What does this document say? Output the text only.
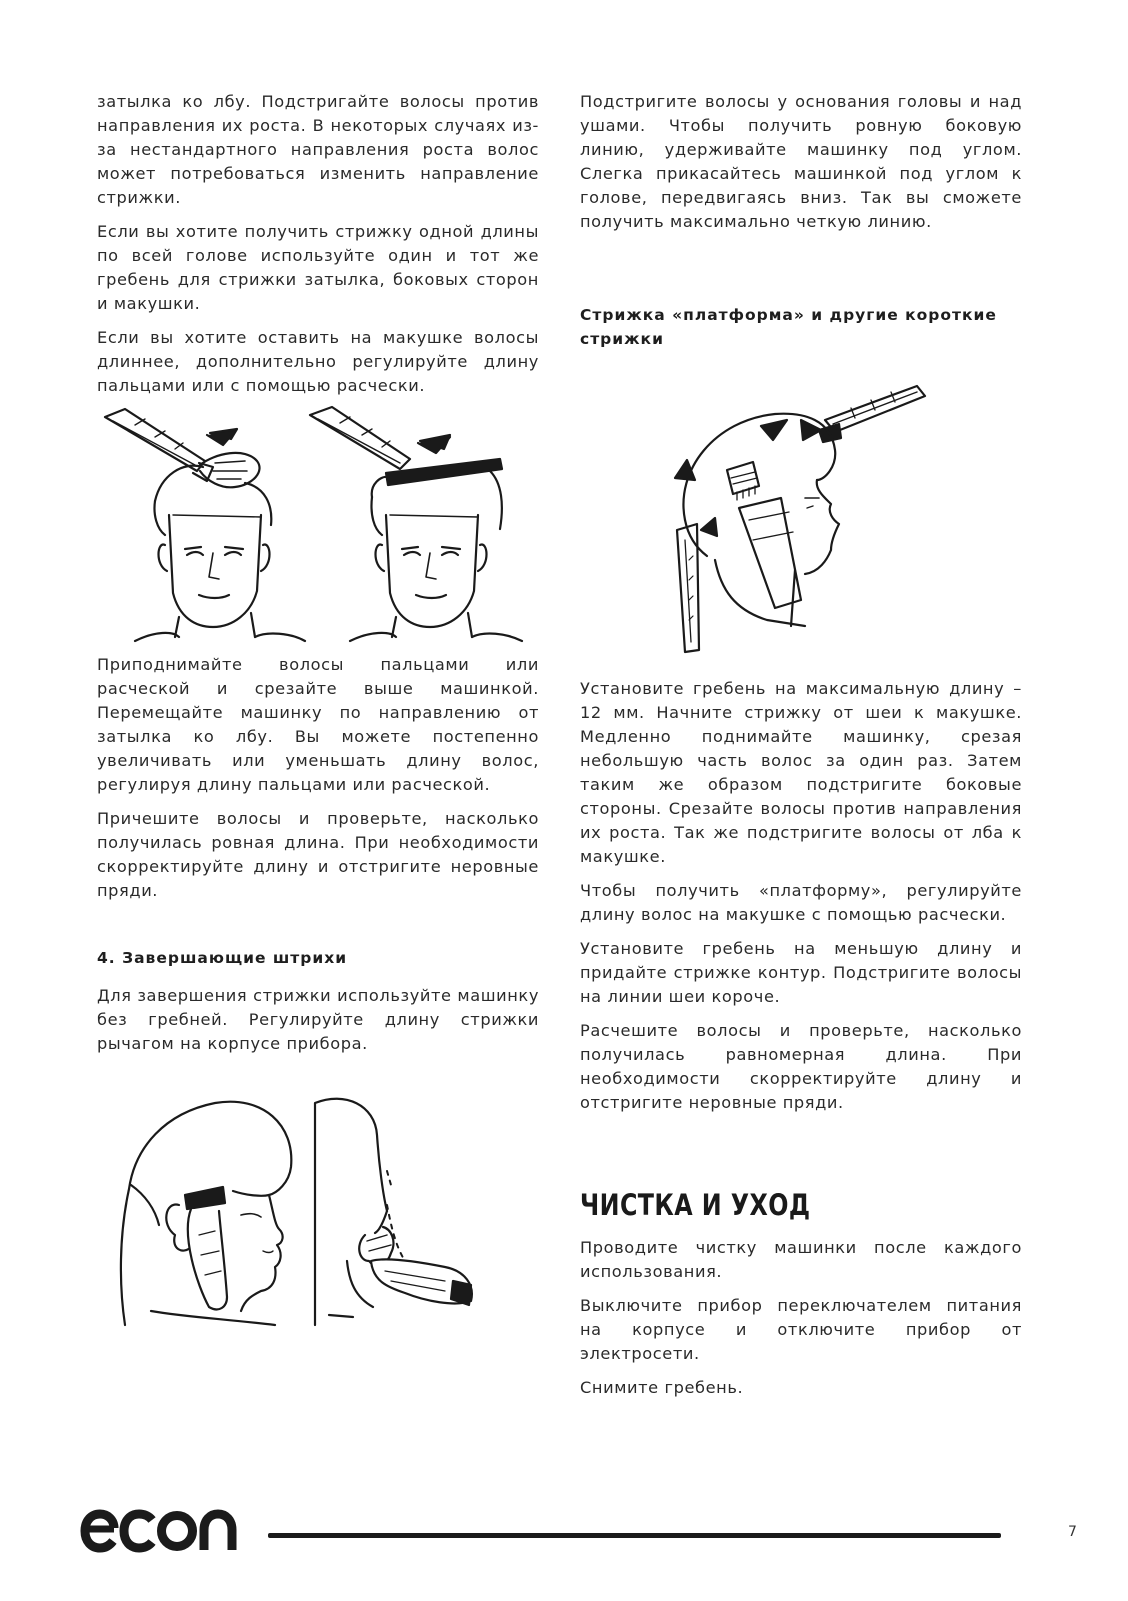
затылка ко лбу. Подстригайте волосы против направления их роста. В некоторых случаях из-за нестандартного направления роста волос может потребоваться изменить направление стрижки.

Если вы хотите получить стрижку одной длины по всей голове используйте один и тот же гребень для стрижки затылка, боковых сторон и макушки.

Если вы хотите оставить на макушке волосы длиннее, дополнительно регулируйте длину пальцами или с помощью расчески.

Приподнимайте волосы пальцами или расческой и срезайте выше машинкой. Перемещайте машинку по направлению от затылка ко лбу. Вы можете постепенно увеличивать или уменьшать длину волос, регулируя длину пальцами или расческой.

Причешите волосы и проверьте, насколько получилась ровная длина. При необходимости скорректируйте длину и отстригите неровные пряди.

4. Завершающие штрихи

Для завершения стрижки используйте машинку без гребней. Регулируйте длину стрижки рычагом на корпусе прибора.

Подстригите волосы у основания головы и над ушами. Чтобы получить ровную боковую линию, удерживайте машинку под углом. Слегка прикасайтесь машинкой под углом к голове, передвигаясь вниз. Так вы сможете получить максимально четкую линию.

Стрижка «платформа» и другие короткие стрижки

Установите гребень на максимальную длину – 12 мм. Начните стрижку от шеи к макушке. Медленно поднимайте машинку, срезая небольшую часть волос за один раз. Затем таким же образом подстригите боковые стороны. Срезайте волосы против направления их роста. Так же подстригите волосы от лба к макушке.

Чтобы получить «платформу», регулируйте длину волос на макушке с помощью расчески.

Установите гребень на меньшую длину и придайте стрижке контур. Подстригите волосы на линии шеи короче.

Расчешите волосы и проверьте, насколько получилась равномерная длина. При необходимости скорректируйте длину и отстригите неровные пряди.

ЧИСТКА И УХОД

Проводите чистку машинки после каждого использования.

Выключите прибор переключателем питания на корпусе и отключите прибор от электросети.

Снимите гребень.

7
